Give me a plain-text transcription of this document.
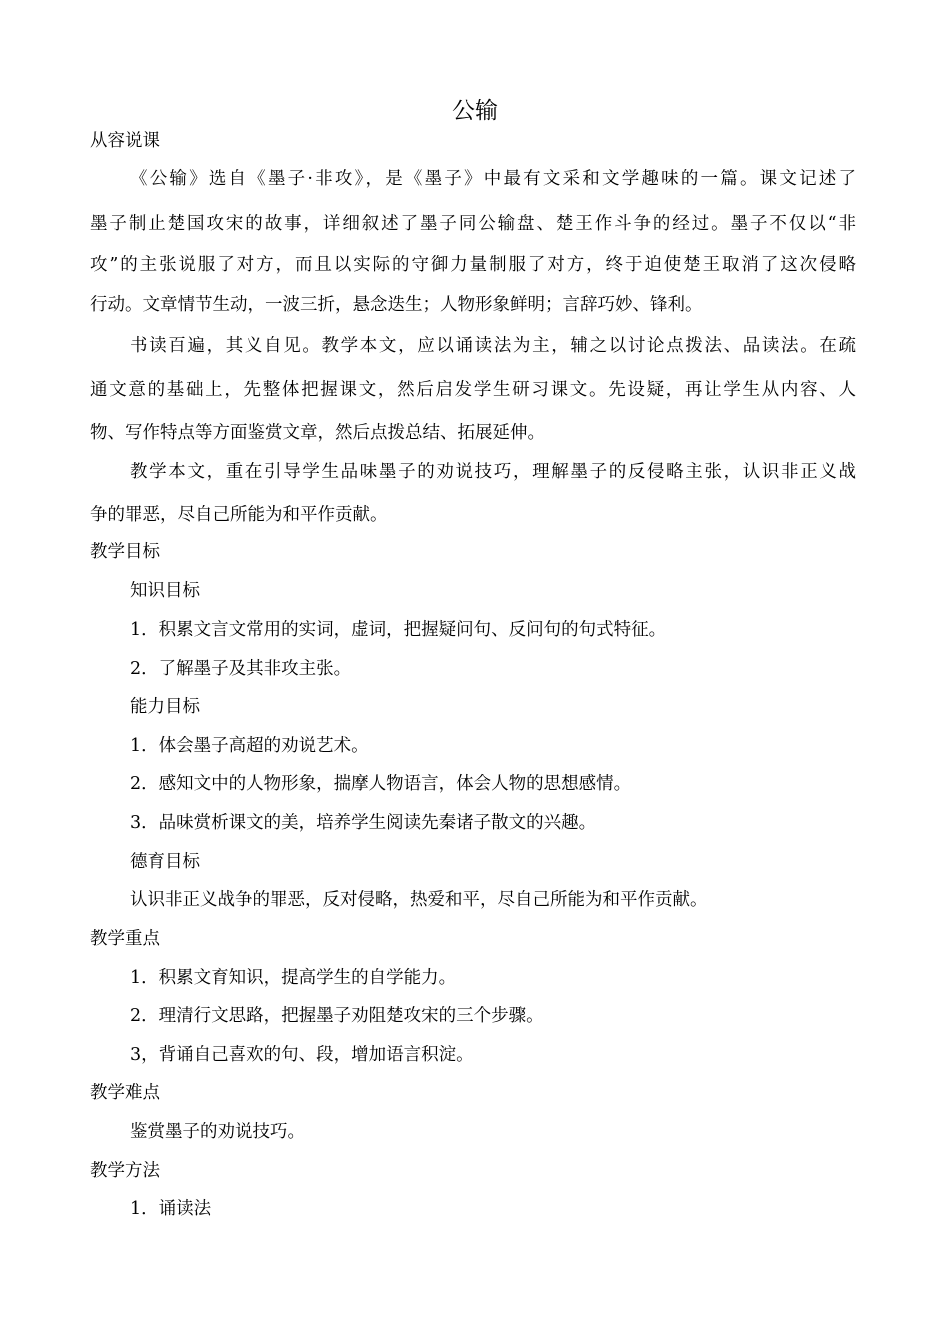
公输

从容说课

《公输》选自《墨子·非攻》，是《墨子》中最有文采和文学趣味的一篇。课文记述了

墨子制止楚国攻宋的故事，详细叙述了墨子同公输盘、楚王作斗争的经过。墨子不仅以“非

攻”的主张说服了对方，而且以实际的守御力量制服了对方，终于迫使楚王取消了这次侵略

行动。文章情节生动，一波三折，悬念迭生；人物形象鲜明；言辞巧妙、锋利。

书读百遍，其义自见。教学本文，应以诵读法为主，辅之以讨论点拨法、品读法。在疏

通文意的基础上，先整体把握课文，然后启发学生研习课文。先设疑，再让学生从内容、人

物、写作特点等方面鉴赏文章，然后点拨总结、拓展延伸。

教学本文，重在引导学生品味墨子的劝说技巧，理解墨子的反侵略主张，认识非正义战

争的罪恶，尽自己所能为和平作贡献。

教学目标

知识目标

1．积累文言文常用的实词，虚词，把握疑问句、反问句的句式特征。

2．了解墨子及其非攻主张。

能力目标

1．体会墨子高超的劝说艺术。

2．感知文中的人物形象，揣摩人物语言，体会人物的思想感情。

3．品味赏析课文的美，培养学生阅读先秦诸子散文的兴趣。

德育目标

认识非正义战争的罪恶，反对侵略，热爱和平，尽自己所能为和平作贡献。

教学重点

1．积累文育知识，提高学生的自学能力。

2．理清行文思路，把握墨子劝阻楚攻宋的三个步骤。

3，背诵自己喜欢的句、段，增加语言积淀。

教学难点

鉴赏墨子的劝说技巧。

教学方法

1．诵读法
